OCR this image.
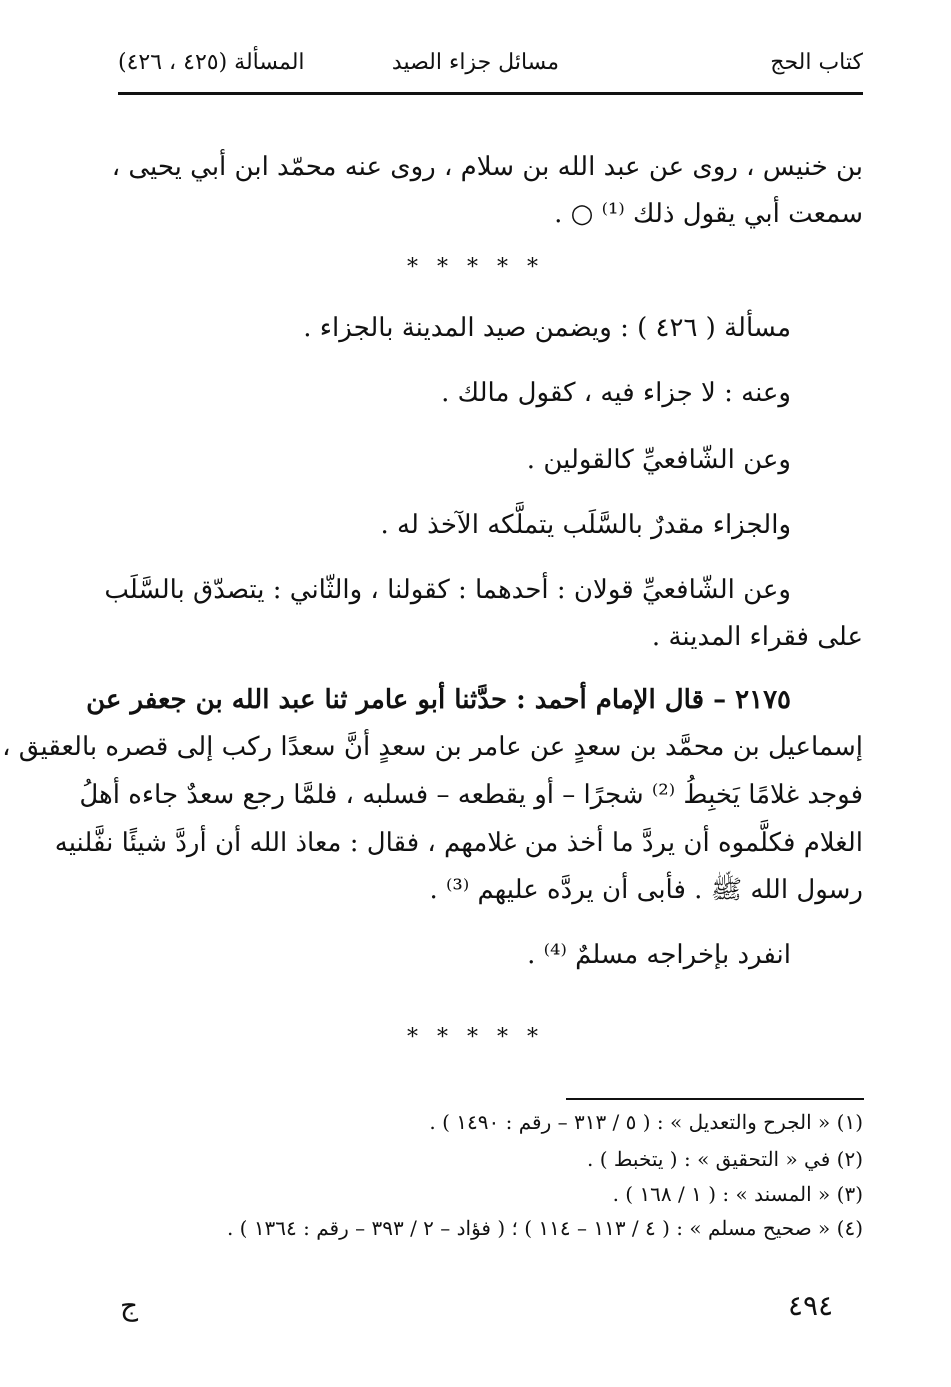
كتاب الحج
مسائل جزاء الصيد
المسألة (٤٢٥ ، ٤٢٦)
بن خنيس ، روى عن عبد الله بن سلام ، روى عنه محمّد ابن أبي يحيى ،
سمعت أبي يقول ذلك ⁽¹⁾ ○ .
* * * * *
مسألة ( ٤٢٦ ) : ويضمن صيد المدينة بالجزاء .
وعنه : لا جزاء فيه ، كقول مالك .
وعن الشّافعيِّ كالقولين .
والجزاء مقدرٌ بالسَّلَب يتملَّكه الآخذ له .
وعن الشّافعيِّ قولان : أحدهما : كقولنا ، والثّاني : يتصدّق بالسَّلَب
على فقراء المدينة .
٢١٧٥ – قال الإمام أحمد : حدَّثنا أبو عامر ثنا عبد الله بن جعفر عن
إسماعيل بن محمَّد بن سعدٍ عن عامر بن سعدٍ أنَّ سعدًا ركب إلى قصره بالعقيق ،
فوجد غلامًا يَخبِطُ ⁽²⁾ شجرًا – أو يقطعه – فسلبه ، فلمَّا رجع سعدٌ جاءه أهلُ
الغلام فكلَّموه أن يردَّ ما أخذ من غلامهم ، فقال : معاذ الله أن أردَّ شيئًا نفَّلنيه
رسول الله ﷺ . فأبى أن يردَّه عليهم ⁽³⁾ .
انفرد بإخراجه مسلمٌ ⁽⁴⁾ .
* * * * *
(١) « الجرح والتعديل » : ( ٥ / ٣١٣ – رقم : ١٤٩٠ ) .
(٢) في « التحقيق » : ( يتخبط ) .
(٣) « المسند » : ( ١ / ١٦٨ ) .
(٤) « صحيح مسلم » : ( ٤ / ١١٣ – ١١٤ ) ؛ ( فؤاد – ٢ / ٣٩٣ – رقم : ١٣٦٤ ) .
٤٩٤
ج
